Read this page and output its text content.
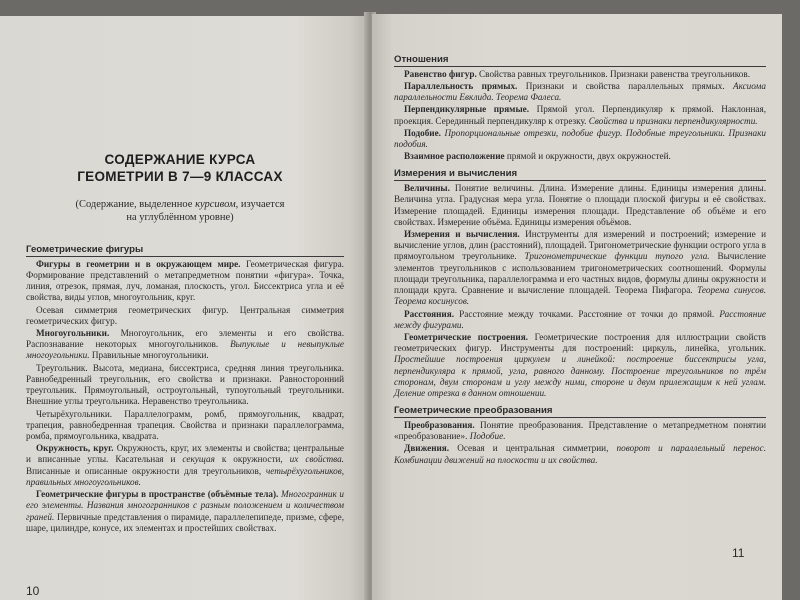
СОДЕРЖАНИЕ КУРСА ГЕОМЕТРИИ В 7—9 КЛАССАХ
(Содержание, выделенное курсивом, изучается на углублённом уровне)
Геометрические фигуры

Фигуры в геометрии и в окружающем мире. Геометрическая фигура. Формирование представлений о метапредметном понятии «фигура». Точка, линия, отрезок, прямая, луч, ломаная, плоскость, угол. Биссектриса угла и её свойства, виды углов, многоугольник, круг.

Осевая симметрия геометрических фигур. Центральная симметрия геометрических фигур.

Многоугольники. Многоугольник, его элементы и его свойства. Распознавание некоторых многоугольников. Выпуклые и невыпуклые многоугольники. Правильные многоугольники.

Треугольник. Высота, медиана, биссектриса, средняя линия треугольника. Равнобедренный треугольник, его свойства и признаки. Равносторонний треугольник. Прямоугольный, остроугольный, тупоугольный треугольники. Внешние углы треугольника. Неравенство треугольника.

Четырёхугольники. Параллелограмм, ромб, прямоугольник, квадрат, трапеция, равнобедренная трапеция. Свойства и признаки параллелограмма, ромба, прямоугольника, квадрата.

Окружность, круг. Окружность, круг, их элементы и свойства; центральные и вписанные углы. Касательная и секущая к окружности, их свойства. Вписанные и описанные окружности для треугольников, четырёхугольников, правильных многоугольников.

Геометрические фигуры в пространстве (объёмные тела). Многогранник и его элементы. Названия многогранников с разным положением и количеством граней. Первичные представления о пирамиде, параллелепипеде, призме, сфере, шаре, цилиндре, конусе, их элементах и простейших свойствах.

10
Отношения

Равенство фигур. Свойства равных треугольников. Признаки равенства треугольников.

Параллельность прямых. Признаки и свойства параллельных прямых. Аксиома параллельности Евклида. Теорема Фалеса.

Перпендикулярные прямые. Прямой угол. Перпендикуляр к прямой. Наклонная, проекция. Серединный перпендикуляр к отрезку. Свойства и признаки перпендикулярности.

Подобие. Пропорциональные отрезки, подобие фигур. Подобные треугольники. Признаки подобия.

Взаимное расположение прямой и окружности, двух окружностей.

Измерения и вычисления

Величины. Понятие величины. Длина. Измерение длины. Единицы измерения длины. Величина угла. Градусная мера угла. Понятие о площади плоской фигуры и её свойствах. Измерение площадей. Единицы измерения площади. Представление об объёме и его свойствах. Измерение объёма. Единицы измерения объёмов.

Измерения и вычисления. Инструменты для измерений и построений; измерение и вычисление углов, длин (расстояний), площадей. Тригонометрические функции острого угла в прямоугольном треугольнике. Тригонометрические функции тупого угла. Вычисление элементов треугольников с использованием тригонометрических соотношений. Формулы площади треугольника, параллелограмма и его частных видов, формулы длины окружности и площади круга. Сравнение и вычисление площадей. Теорема Пифагора. Теорема синусов. Теорема косинусов.

Расстояния. Расстояние между точками. Расстояние от точки до прямой. Расстояние между фигурами.

Геометрические построения. Геометрические построения для иллюстрации свойств геометрических фигур. Инструменты для построений: циркуль, линейка, угольник. Простейшие построения циркулем и линейкой: построение биссектрисы угла, перпендикуляра к прямой, угла, равного данному. Построение треугольников по трём сторонам, двум сторонам и углу между ними, стороне и двум прилежащим к ней углам. Деление отрезка в данном отношении.

Геометрические преобразования

Преобразования. Понятие преобразования. Представление о метапредметном понятии «преобразование». Подобие.

Движения. Осевая и центральная симметрии, поворот и параллельный перенос. Комбинации движений на плоскости и их свойства.

11
